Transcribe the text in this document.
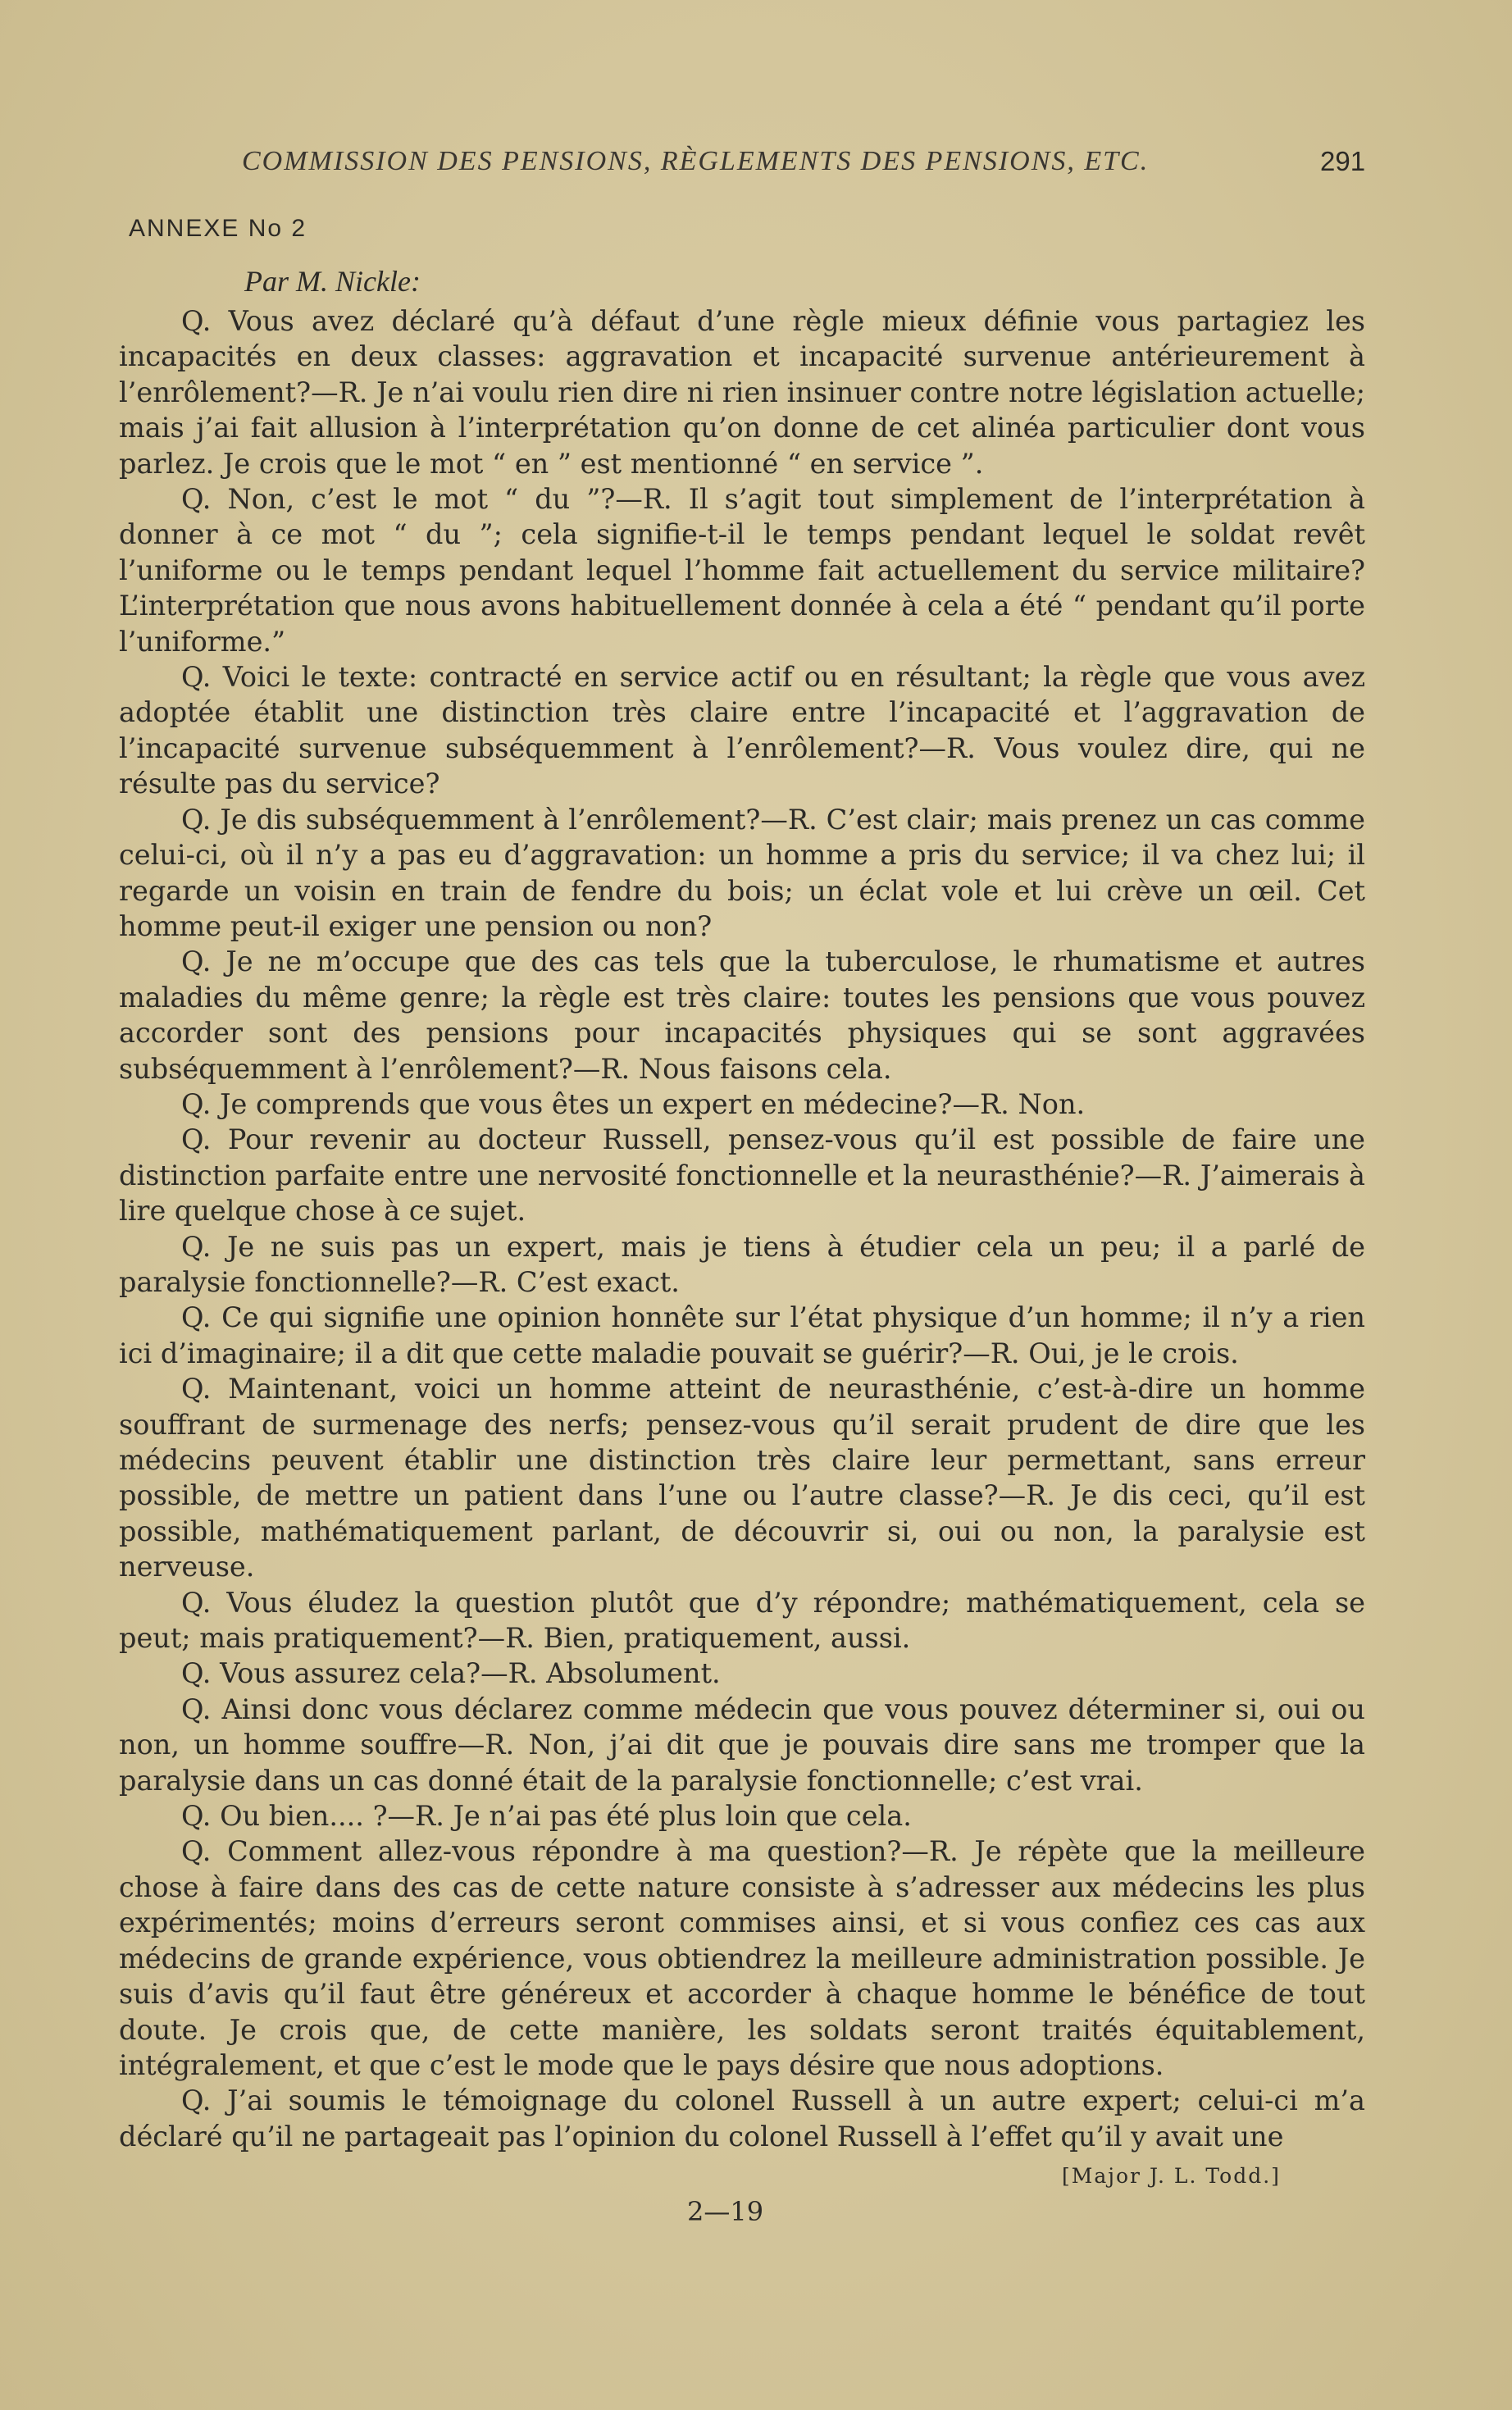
COMMISSION DES PENSIONS, RÈGLEMENTS DES PENSIONS, ETC.	291
ANNEXE No 2
Par M. Nickle:

Q. Vous avez déclaré qu’à défaut d’une règle mieux définie vous partagiez les incapacités en deux classes: aggravation et incapacité survenue antérieurement à l’enrôlement?—R. Je n’ai voulu rien dire ni rien insinuer contre notre législation actuelle; mais j’ai fait allusion à l’interprétation qu’on donne de cet alinéa particulier dont vous parlez. Je crois que le mot “ en ” est mentionné “ en service ”.

Q. Non, c’est le mot “ du ”?—R. Il s’agit tout simplement de l’interprétation à donner à ce mot “ du ”; cela signifie-t-il le temps pendant lequel le soldat revêt l’uniforme ou le temps pendant lequel l’homme fait actuellement du service militaire? L’interprétation que nous avons habituellement donnée à cela a été “ pendant qu’il porte l’uniforme.”

Q. Voici le texte: contracté en service actif ou en résultant; la règle que vous avez adoptée établit une distinction très claire entre l’incapacité et l’aggravation de l’incapacité survenue subséquemment à l’enrôlement?—R. Vous voulez dire, qui ne résulte pas du service?

Q. Je dis subséquemment à l’enrôlement?—R. C’est clair; mais prenez un cas comme celui-ci, où il n’y a pas eu d’aggravation: un homme a pris du service; il va chez lui; il regarde un voisin en train de fendre du bois; un éclat vole et lui crève un œil. Cet homme peut-il exiger une pension ou non?

Q. Je ne m’occupe que des cas tels que la tuberculose, le rhumatisme et autres maladies du même genre; la règle est très claire: toutes les pensions que vous pouvez accorder sont des pensions pour incapacités physiques qui se sont aggravées subséquemment à l’enrôlement?—R. Nous faisons cela.

Q. Je comprends que vous êtes un expert en médecine?—R. Non.

Q. Pour revenir au docteur Russell, pensez-vous qu’il est possible de faire une distinction parfaite entre une nervosité fonctionnelle et la neurasthénie?—R. J’aimerais à lire quelque chose à ce sujet.

Q. Je ne suis pas un expert, mais je tiens à étudier cela un peu; il a parlé de paralysie fonctionnelle?—R. C’est exact.

Q. Ce qui signifie une opinion honnête sur l’état physique d’un homme; il n’y a rien ici d’imaginaire; il a dit que cette maladie pouvait se guérir?—R. Oui, je le crois.

Q. Maintenant, voici un homme atteint de neurasthénie, c’est-à-dire un homme souffrant de surmenage des nerfs; pensez-vous qu’il serait prudent de dire que les médecins peuvent établir une distinction très claire leur permettant, sans erreur possible, de mettre un patient dans l’une ou l’autre classe?—R. Je dis ceci, qu’il est possible, mathématiquement parlant, de découvrir si, oui ou non, la paralysie est nerveuse.

Q. Vous éludez la question plutôt que d’y répondre; mathématiquement, cela se peut; mais pratiquement?—R. Bien, pratiquement, aussi.

Q. Vous assurez cela?—R. Absolument.

Q. Ainsi donc vous déclarez comme médecin que vous pouvez déterminer si, oui ou non, un homme souffre—R. Non, j’ai dit que je pouvais dire sans me tromper que la paralysie dans un cas donné était de la paralysie fonctionnelle; c’est vrai.

Q. Ou bien.... ?—R. Je n’ai pas été plus loin que cela.

Q. Comment allez-vous répondre à ma question?—R. Je répète que la meilleure chose à faire dans des cas de cette nature consiste à s’adresser aux médecins les plus expérimentés; moins d’erreurs seront commises ainsi, et si vous confiez ces cas aux médecins de grande expérience, vous obtiendrez la meilleure administration possible. Je suis d’avis qu’il faut être généreux et accorder à chaque homme le bénéfice de tout doute. Je crois que, de cette manière, les soldats seront traités équitablement, intégralement, et que c’est le mode que le pays désire que nous adoptions.

Q. J’ai soumis le témoignage du colonel Russell à un autre expert; celui-ci m’a déclaré qu’il ne partageait pas l’opinion du colonel Russell à l’effet qu’il y avait une

[Major J. L. Todd.]
2—19
